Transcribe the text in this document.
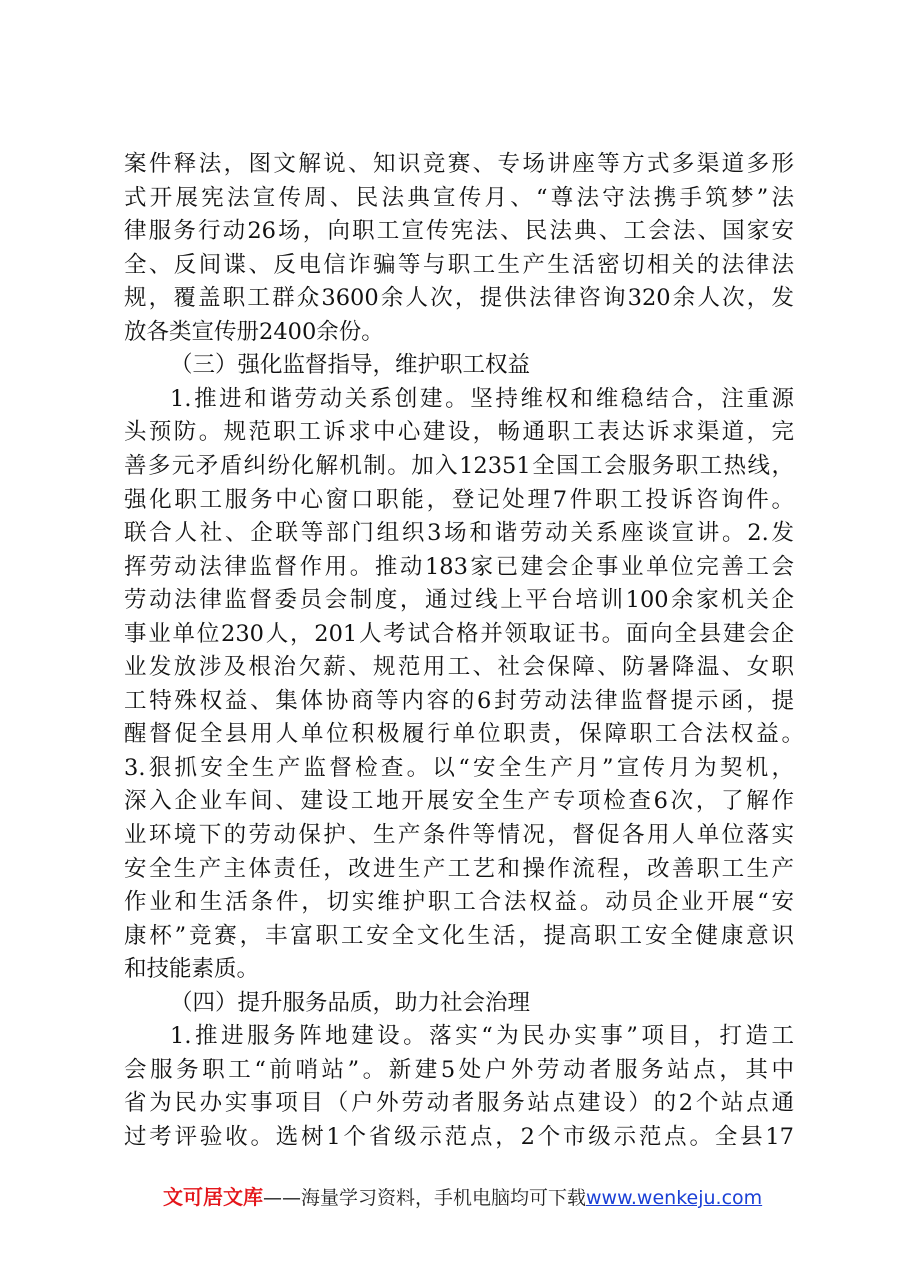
案件释法，图文解说、知识竞赛、专场讲座等方式多渠道多形
式开展宪法宣传周、民法典宣传月、“尊法守法携手筑梦”法
律服务行动26场，向职工宣传宪法、民法典、工会法、国家安
全、反间谍、反电信诈骗等与职工生产生活密切相关的法律法
规，覆盖职工群众3600余人次，提供法律咨询320余人次，发
放各类宣传册2400余份。
（三）强化监督指导，维护职工权益
1.推进和谐劳动关系创建。坚持维权和维稳结合，注重源
头预防。规范职工诉求中心建设，畅通职工表达诉求渠道，完
善多元矛盾纠纷化解机制。加入12351全国工会服务职工热线，
强化职工服务中心窗口职能，登记处理7件职工投诉咨询件。
联合人社、企联等部门组织3场和谐劳动关系座谈宣讲。2.发
挥劳动法律监督作用。推动183家已建会企事业单位完善工会
劳动法律监督委员会制度，通过线上平台培训100余家机关企
事业单位230人，201人考试合格并领取证书。面向全县建会企
业发放涉及根治欠薪、规范用工、社会保障、防暑降温、女职
工特殊权益、集体协商等内容的6封劳动法律监督提示函，提
醒督促全县用人单位积极履行单位职责，保障职工合法权益。
3.狠抓安全生产监督检查。以“安全生产月”宣传月为契机，
深入企业车间、建设工地开展安全生产专项检查6次，了解作
业环境下的劳动保护、生产条件等情况，督促各用人单位落实
安全生产主体责任，改进生产工艺和操作流程，改善职工生产
作业和生活条件，切实维护职工合法权益。动员企业开展“安
康杯”竞赛，丰富职工安全文化生活，提高职工安全健康意识
和技能素质。
（四）提升服务品质，助力社会治理
1.推进服务阵地建设。落实“为民办实事”项目，打造工
会服务职工“前哨站”。新建5处户外劳动者服务站点，其中
省为民办实事项目（户外劳动者服务站点建设）的2个站点通
过考评验收。选树1个省级示范点，2个市级示范点。全县17
文可居文库——海量学习资料，手机电脑均可下载www.wenkeju.com
